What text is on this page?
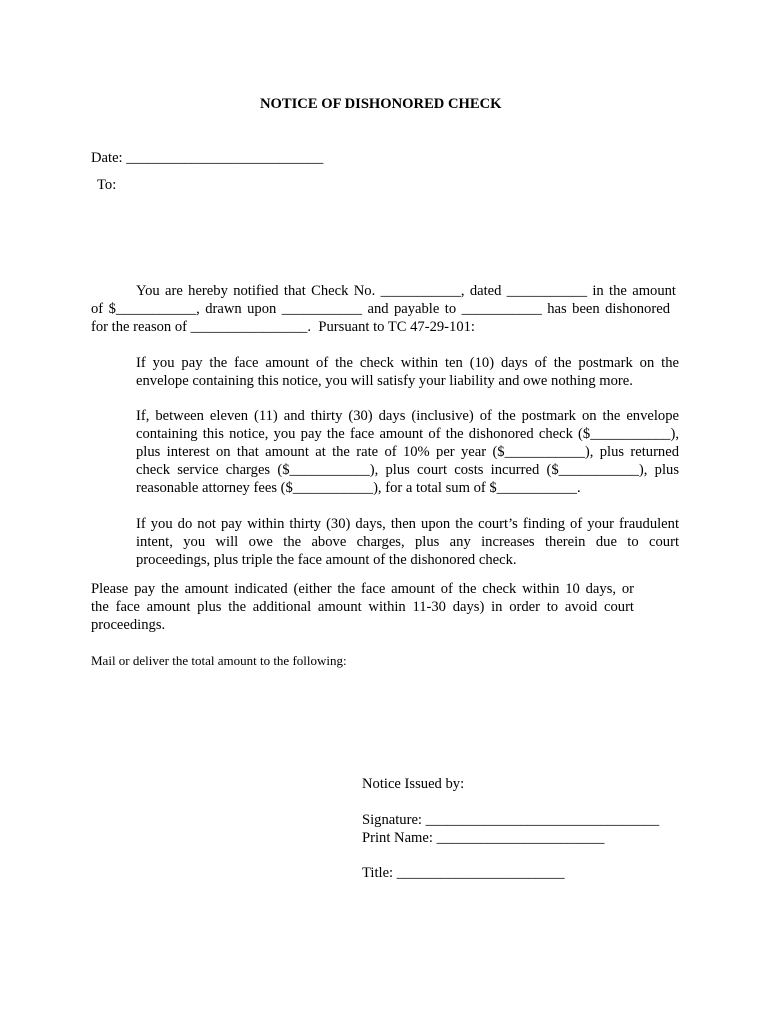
NOTICE OF DISHONORED CHECK
Date: ___________________________
To:
You are hereby notified that Check No. ___________, dated ___________ in the amount
of $___________, drawn upon ___________ and payable to ___________ has been dishonored
for the reason of ________________.  Pursuant to TC 47-29-101:
If you pay the face amount of the check within ten (10) days of the postmark on the
envelope containing this notice, you will satisfy your liability and owe nothing more.
If, between eleven (11) and thirty (30) days (inclusive) of the postmark on the envelope
containing this notice, you pay the face amount of the dishonored check ($___________),
plus interest on that amount at the rate of 10% per year ($___________), plus returned
check service charges ($___________), plus court costs incurred ($___________), plus
reasonable attorney fees ($___________), for a total sum of $___________.
If you do not pay within thirty (30) days, then upon the court’s finding of your fraudulent
intent, you will owe the above charges, plus any increases therein due to court
proceedings, plus triple the face amount of the dishonored check.
Please pay the amount indicated (either the face amount of the check within 10 days, or
the face amount plus the additional amount within 11-30 days) in order to avoid court
proceedings.
Mail or deliver the total amount to the following:
Notice Issued by:
Signature: ________________________________
Print Name: _______________________
Title: _______________________
